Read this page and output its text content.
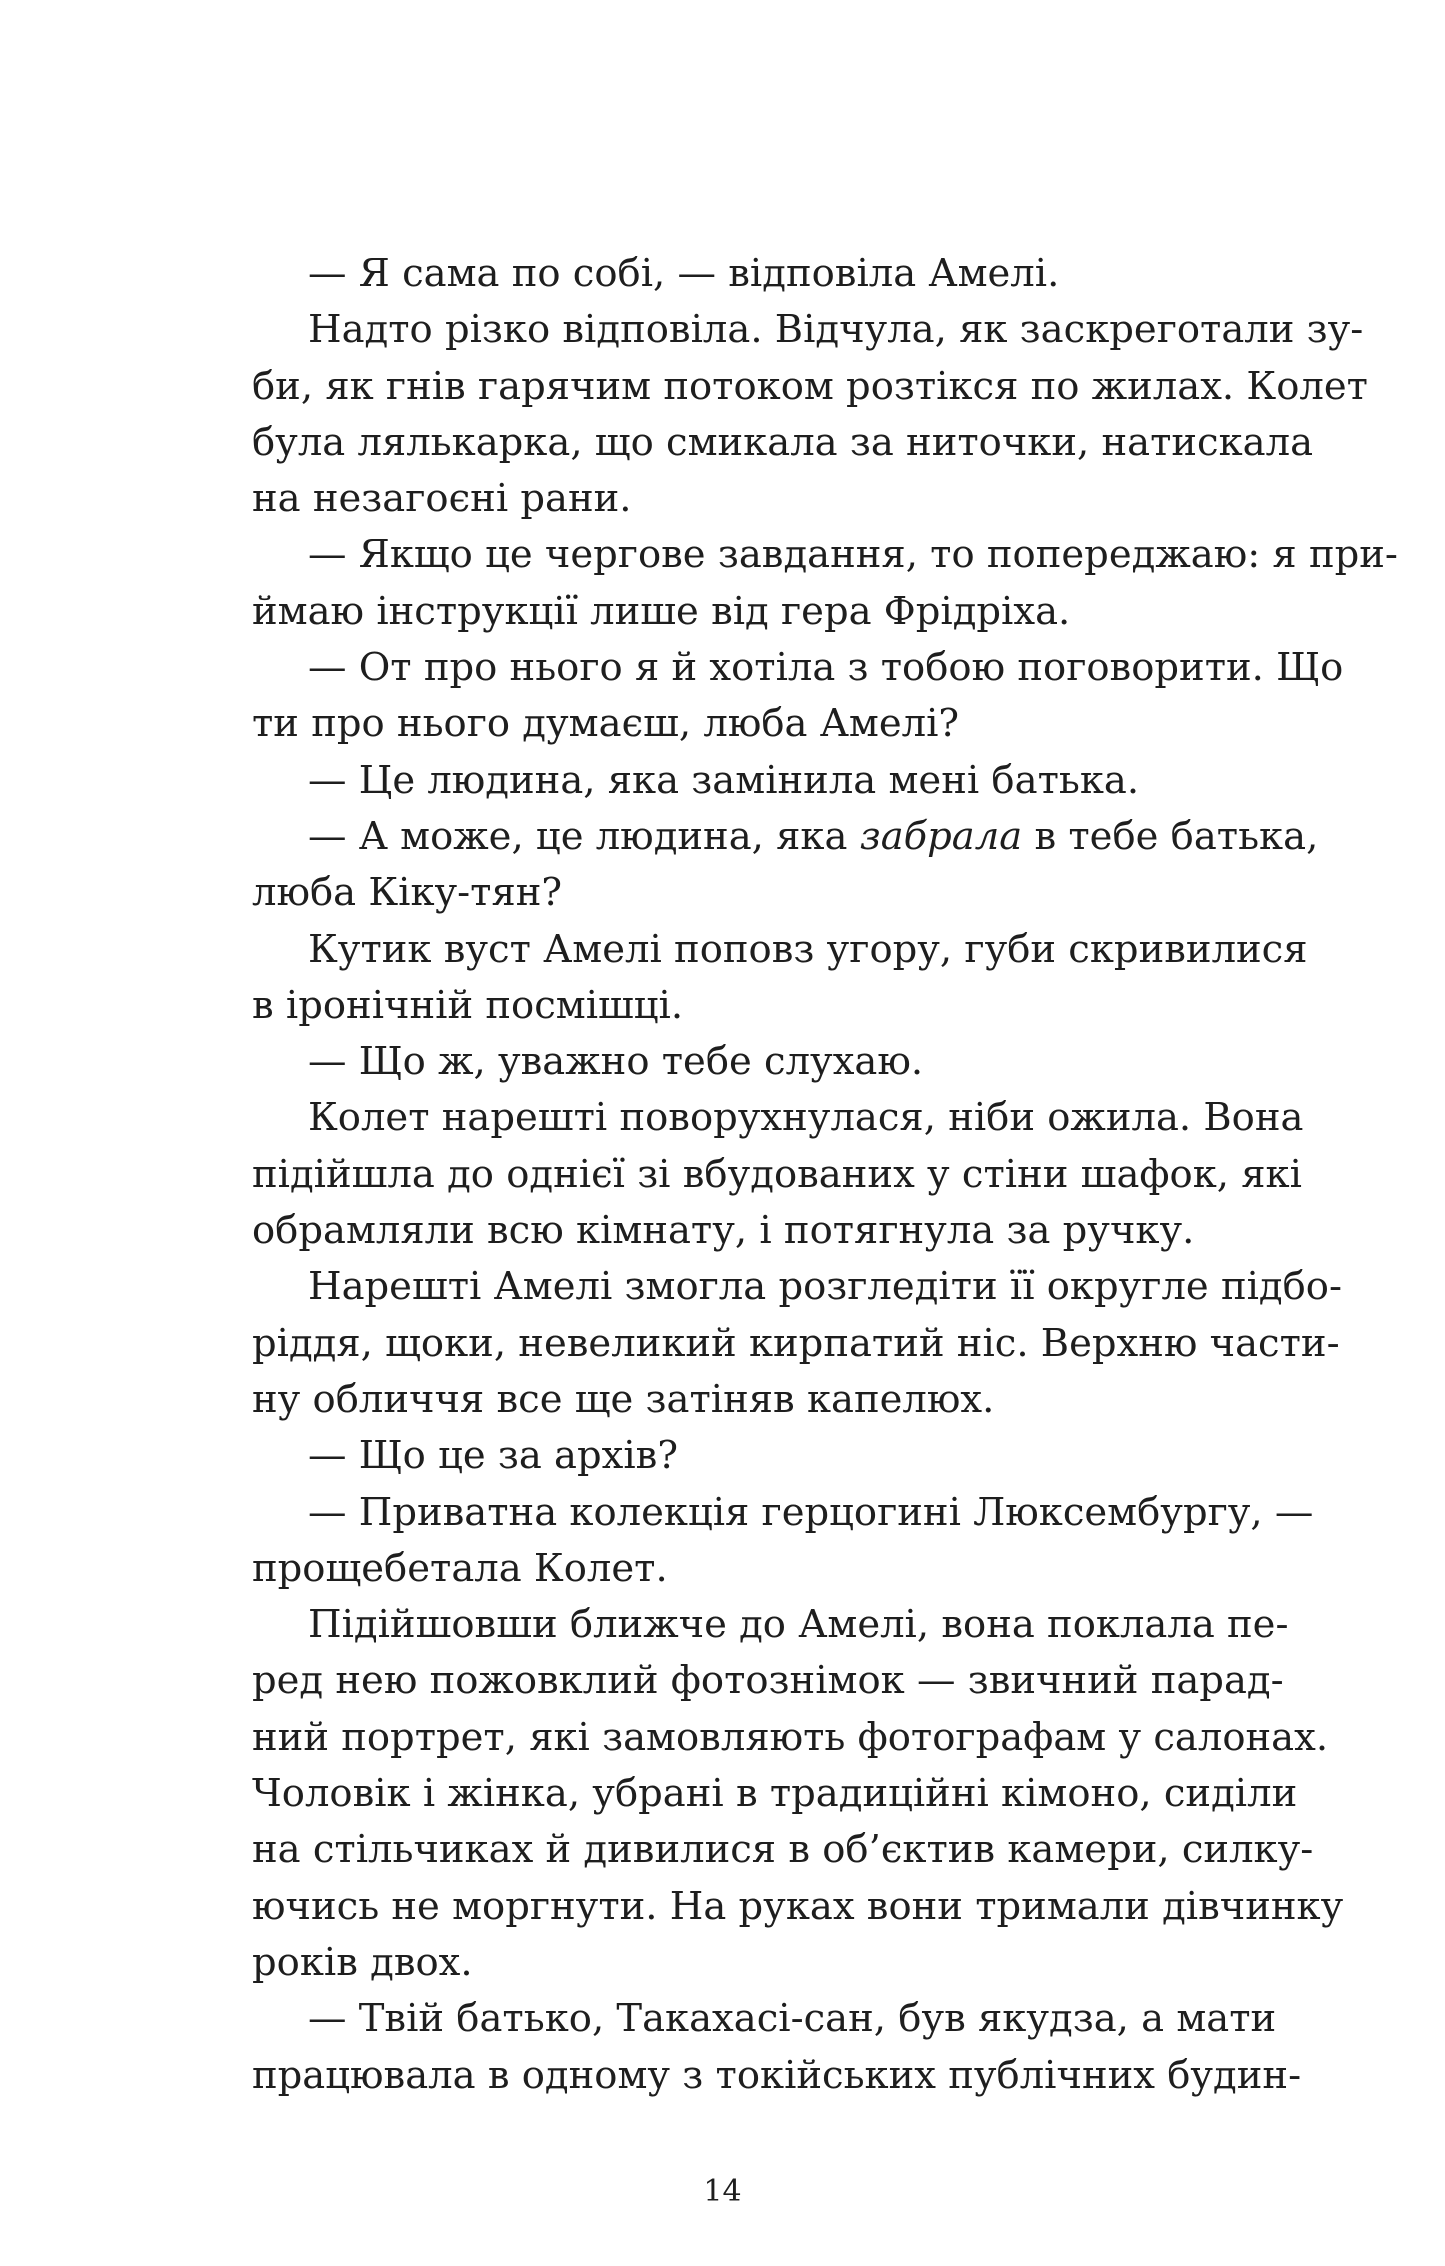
— Я сама по собі, — відповіла Амелі.
Надто різко відповіла. Відчула, як заскреготали зу-
би, як гнів гарячим потоком розтікся по жилах. Колет
була лялькарка, що смикала за ниточки, натискала
на незагоєні рани.
— Якщо це чергове завдання, то попереджаю: я при-
ймаю інструкції лише від гера Фрідріха.
— От про нього я й хотіла з тобою поговорити. Що
ти про нього думаєш, люба Амелі?
— Це людина, яка замінила мені батька.
— А може, це людина, яка забрала в тебе батька,
люба Кіку-тян?
Кутик вуст Амелі поповз угору, губи скривилися
в іронічній посмішці.
— Що ж, уважно тебе слухаю.
Колет нарешті поворухнулася, ніби ожила. Вона
підійшла до однієї зі вбудованих у стіни шафок, які
обрамляли всю кімнату, і потягнула за ручку.
Нарешті Амелі змогла розгледіти її округле підбо-
ріддя, щоки, невеликий кирпатий ніс. Верхню части-
ну обличчя все ще затіняв капелюх.
— Що це за архів?
— Приватна колекція герцогині Люксембургу, —
прощебетала Колет.
Підійшовши ближче до Амелі, вона поклала пе-
ред нею пожовклий фотознімок — звичний парад-
ний портрет, які замовляють фотографам у салонах.
Чоловік і жінка, убрані в традиційні кімоно, сиділи
на стільчиках й дивилися в об’єктив камери, силку-
ючись не моргнути. На руках вони тримали дівчинку
років двох.
— Твій батько, Такахасі-сан, був якудза, а мати
працювала в одному з токійських публічних будин-
14
